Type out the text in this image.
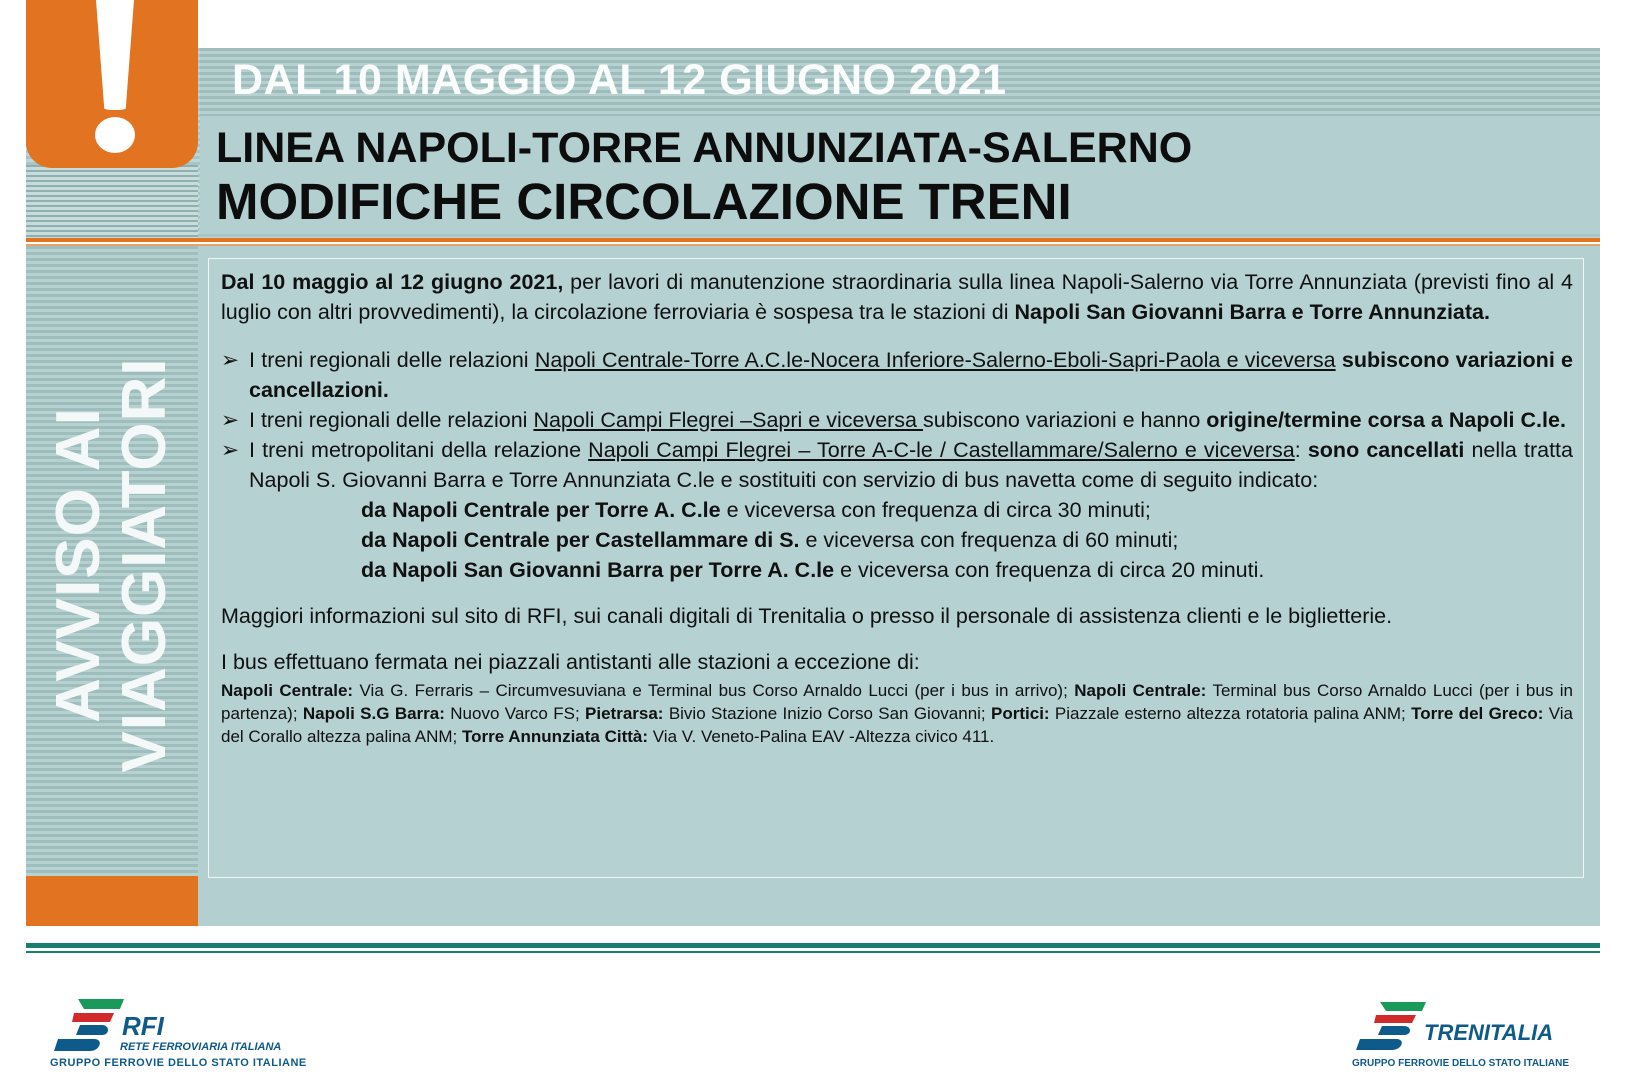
DAL 10 MAGGIO AL 12 GIUGNO 2021
LINEA NAPOLI-TORRE ANNUNZIATA-SALERNO
MODIFICHE CIRCOLAZIONE TRENI
AVVISO AI
VIAGGIATORI

Dal 10 maggio al 12 giugno 2021, per lavori di manutenzione straordinaria sulla linea Napoli-Salerno via Torre Annunziata (previsti fino al 4 luglio con altri provvedimenti), la circolazione ferroviaria è sospesa tra le stazioni di Napoli San Giovanni Barra e Torre Annunziata.

➢ I treni regionali delle relazioni Napoli Centrale-Torre A.C.le-Nocera Inferiore-Salerno-Eboli-Sapri-Paola e viceversa subiscono variazioni e cancellazioni.

➢ I treni regionali delle relazioni Napoli Campi Flegrei –Sapri e viceversa subiscono variazioni e hanno origine/termine corsa a Napoli C.le.

➢ I treni metropolitani della relazione Napoli Campi Flegrei – Torre A-C-le / Castellammare/Salerno e viceversa: sono cancellati nella tratta Napoli S. Giovanni Barra e Torre Annunziata C.le e sostituiti con servizio di bus navetta come di seguito indicato:

da Napoli Centrale per Torre A. C.le e viceversa con frequenza di circa 30 minuti;
da Napoli Centrale per Castellammare di S. e viceversa con frequenza di 60 minuti;
da Napoli San Giovanni Barra per Torre A. C.le e viceversa con frequenza di circa 20 minuti.

Maggiori informazioni sul sito di RFI, sui canali digitali di Trenitalia o presso il personale di assistenza clienti e le biglietterie.

I bus effettuano fermata nei piazzali antistanti alle stazioni a eccezione di:

Napoli Centrale: Via G. Ferraris – Circumvesuviana e Terminal bus Corso Arnaldo Lucci (per i bus in arrivo); Napoli Centrale: Terminal bus Corso Arnaldo Lucci (per i bus in partenza); Napoli S.G Barra: Nuovo Varco FS; Pietrarsa: Bivio Stazione Inizio Corso San Giovanni; Portici: Piazzale esterno altezza rotatoria palina ANM; Torre del Greco: Via del Corallo altezza palina ANM; Torre Annunziata Città: Via V. Veneto-Palina EAV -Altezza civico 411.

RFI
RETE FERROVIARIA ITALIANA
GRUPPO FERROVIE DELLO STATO ITALIANE
TRENITALIA
GRUPPO FERROVIE DELLO STATO ITALIANE
